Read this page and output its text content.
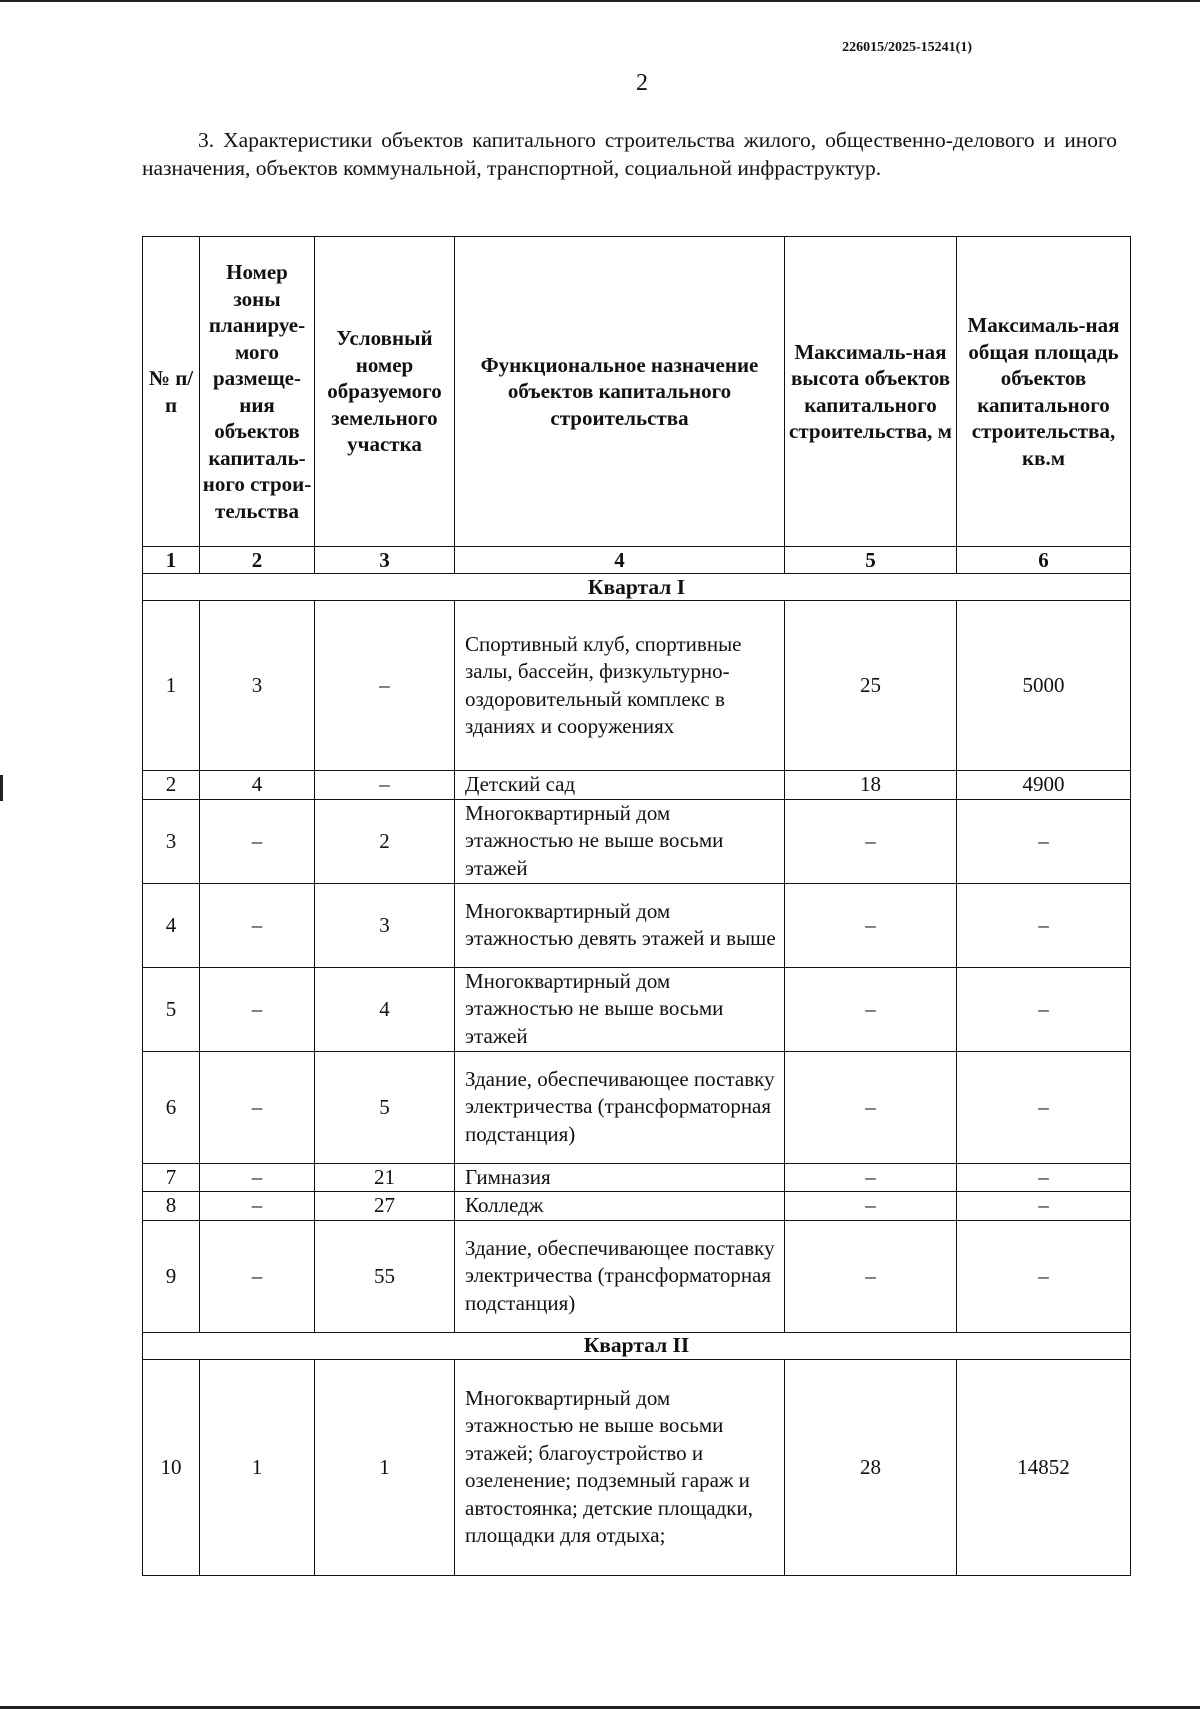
226015/2025-15241(1)
2
3. Характеристики объектов капитального строительства жилого, общественно-делового и иного назначения, объектов коммунальной, транспортной, социальной инфраструктур.
№ п/п	Номер зоны планируе-мого размеще-ния объектов капиталь-ного строи-тельства	Условный номер образуемого земельного участка	Функциональное назначение объектов капитального строительства	Максималь-ная высота объектов капитального строительства, м	Максималь-ная общая площадь объектов капитального строительства, кв.м
1	2	3	4	5	6
Квартал I					
1	3	–	Спортивный клуб, спортивные залы, бассейн, физкультурно-оздоровительный комплекс в зданиях и сооружениях	25	5000
2	4	–	Детский сад	18	4900
3	–	2	Многоквартирный дом этажностью не выше восьми этажей	–	–
4	–	3	Многоквартирный дом этажностью девять этажей и выше	–	–
5	–	4	Многоквартирный дом этажностью не выше восьми этажей	–	–
6	–	5	Здание, обеспечивающее поставку электричества (трансформаторная подстанция)	–	–
7	–	21	Гимназия	–	–
8	–	27	Колледж	–	–
9	–	55	Здание, обеспечивающее поставку электричества (трансформаторная подстанция)	–	–
Квартал II					
10	1	1	Многоквартирный дом этажностью не выше восьми этажей; благоустройство и озеленение; подземный гараж и автостоянка; детские площадки, площадки для отдыха;	28	14852
